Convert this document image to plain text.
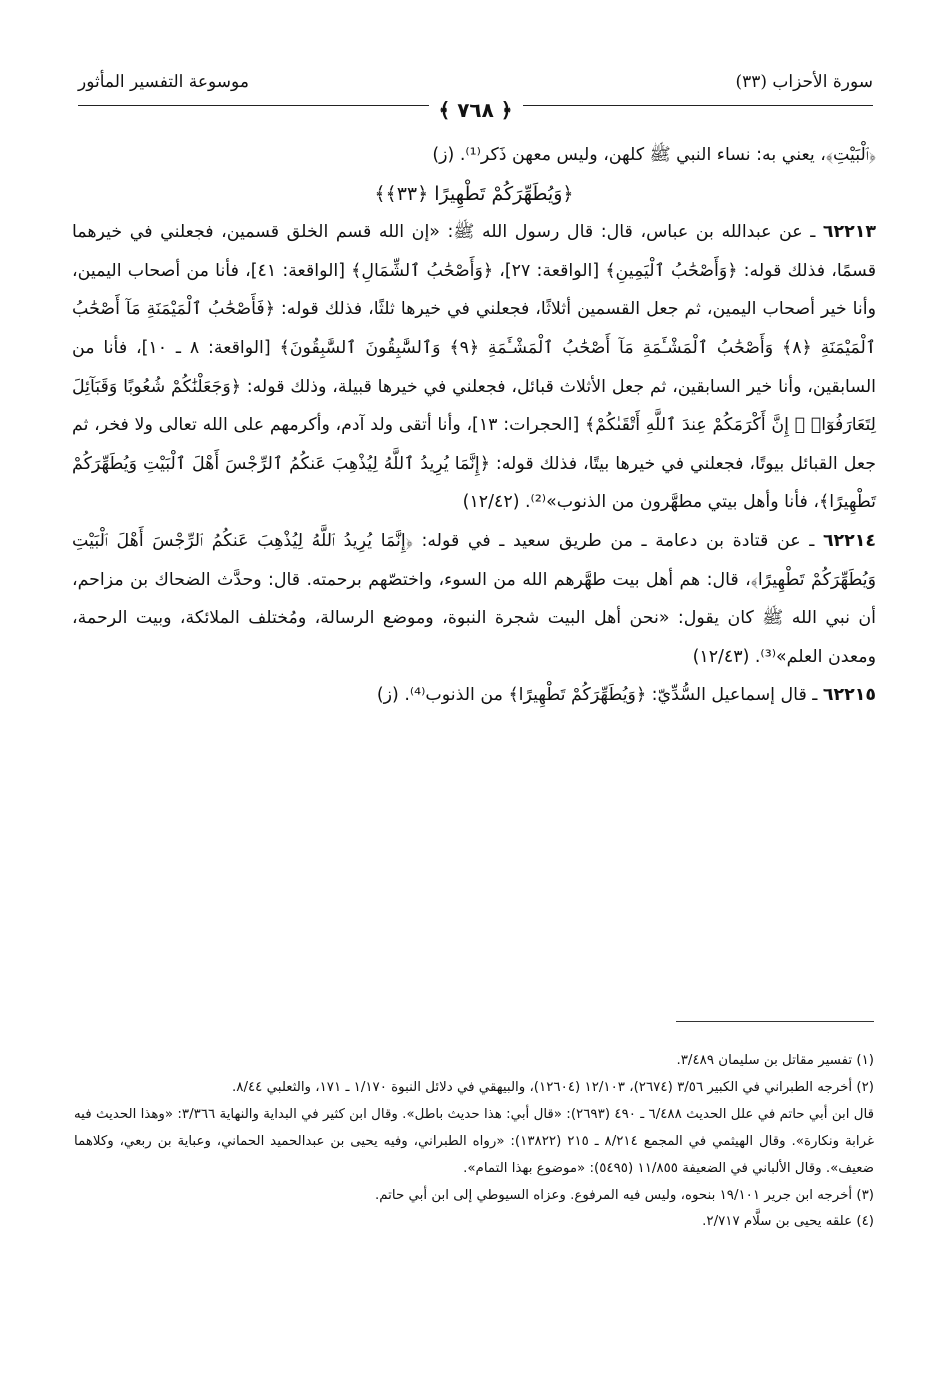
سورة الأحزاب (٣٣)
موسوعة التفسير المأثور
﴿ ٧٦٨ ﴾

﴿ٱلْبَيْتِ﴾، يعني به: نساء النبي ﷺ كلهن، وليس معهن ذَكر⁽¹⁾. (ز)

﴿وَيُطَهِّرَكُمْ تَطْهِيرًا ﴿٣٣﴾﴾

٦٢٢١٣ ـ عن عبدالله بن عباس، قال: قال رسول الله ﷺ: «إن الله قسم الخلق قسمين، فجعلني في خيرهما قسمًا، فذلك قوله: ﴿وَأَصْحَٰبُ ٱلْيَمِينِ﴾ [الواقعة: ٢٧]، ﴿وَأَصْحَٰبُ ٱلشِّمَالِ﴾ [الواقعة: ٤١]، فأنا من أصحاب اليمين، وأنا خير أصحاب اليمين، ثم جعل القسمين أثلاثًا، فجعلني في خيرها ثلثًا، فذلك قوله: ﴿فَأَصْحَٰبُ ٱلْمَيْمَنَةِ مَآ أَصْحَٰبُ ٱلْمَيْمَنَةِ ﴿٨﴾ وَأَصْحَٰبُ ٱلْمَشْـَٔمَةِ مَآ أَصْحَٰبُ ٱلْمَشْـَٔمَةِ ﴿٩﴾ وَٱلسَّٰبِقُونَ ٱلسَّٰبِقُونَ﴾ [الواقعة: ٨ ـ ١٠]، فأنا من السابقين، وأنا خير السابقين، ثم جعل الأثلاث قبائل، فجعلني في خيرها قبيلة، وذلك قوله: ﴿وَجَعَلْنَٰكُمْ شُعُوبًا وَقَبَآئِلَ لِتَعَارَفُوٓا۟ ۚ إِنَّ أَكْرَمَكُمْ عِندَ ٱللَّهِ أَتْقَىٰكُمْ﴾ [الحجرات: ١٣]، وأنا أتقى ولد آدم، وأكرمهم على الله تعالى ولا فخر، ثم جعل القبائل بيوتًا، فجعلني في خيرها بيتًا، فذلك قوله: ﴿إِنَّمَا يُرِيدُ ٱللَّهُ لِيُذْهِبَ عَنكُمُ ٱلرِّجْسَ أَهْلَ ٱلْبَيْتِ وَيُطَهِّرَكُمْ تَطْهِيرًا﴾، فأنا وأهل بيتي مطهَّرون من الذنوب»⁽²⁾. (١٢/٤٢)

٦٢٢١٤ ـ عن قتادة بن دعامة ـ من طريق سعيد ـ في قوله: ﴿إِنَّمَا يُرِيدُ ٱللَّهُ لِيُذْهِبَ عَنكُمُ ٱلرِّجْسَ أَهْلَ ٱلْبَيْتِ وَيُطَهِّرَكُمْ تَطْهِيرًا﴾، قال: هم أهل بيت طهَّرهم الله من السوء، واختصّهم برحمته. قال: وحدَّث الضحاك بن مزاحم، أن نبي الله ﷺ كان يقول: «نحن أهل البيت شجرة النبوة، وموضع الرسالة، ومُختلف الملائكة، وبيت الرحمة، ومعدن العلم»⁽³⁾. (١٢/٤٣)

٦٢٢١٥ ـ قال إسماعيل السُّدِّيّ: ﴿وَيُطَهِّرَكُمْ تَطْهِيرًا﴾ من الذنوب⁽⁴⁾. (ز)

(١) تفسير مقاتل بن سليمان ٣/٤٨٩.

(٢) أخرجه الطبراني في الكبير ٣/٥٦ (٢٦٧٤)، ١٢/١٠٣ (١٢٦٠٤)، والبيهقي في دلائل النبوة ١/١٧٠ ـ ١٧١، والثعلبي ٨/٤٤.

قال ابن أبي حاتم في علل الحديث ٦/٤٨٨ ـ ٤٩٠ (٢٦٩٣): «قال أبي: هذا حديث باطل». وقال ابن كثير في البداية والنهاية ٣/٣٦٦: «وهذا الحديث فيه غرابة ونكارة». وقال الهيثمي في المجمع ٨/٢١٤ ـ ٢١٥ (١٣٨٢٢): «رواه الطبراني، وفيه يحيى بن عبدالحميد الحماني، وعباية بن ربعي، وكلاهما ضعيف». وقال الألباني في الضعيفة ١١/٨٥٥ (٥٤٩٥): «موضوع بهذا التمام».

(٣) أخرجه ابن جرير ١٩/١٠١ بنحوه، وليس فيه المرفوع. وعزاه السيوطي إلى ابن أبي حاتم.

(٤) علقه يحيى بن سلَّام ٢/٧١٧.
